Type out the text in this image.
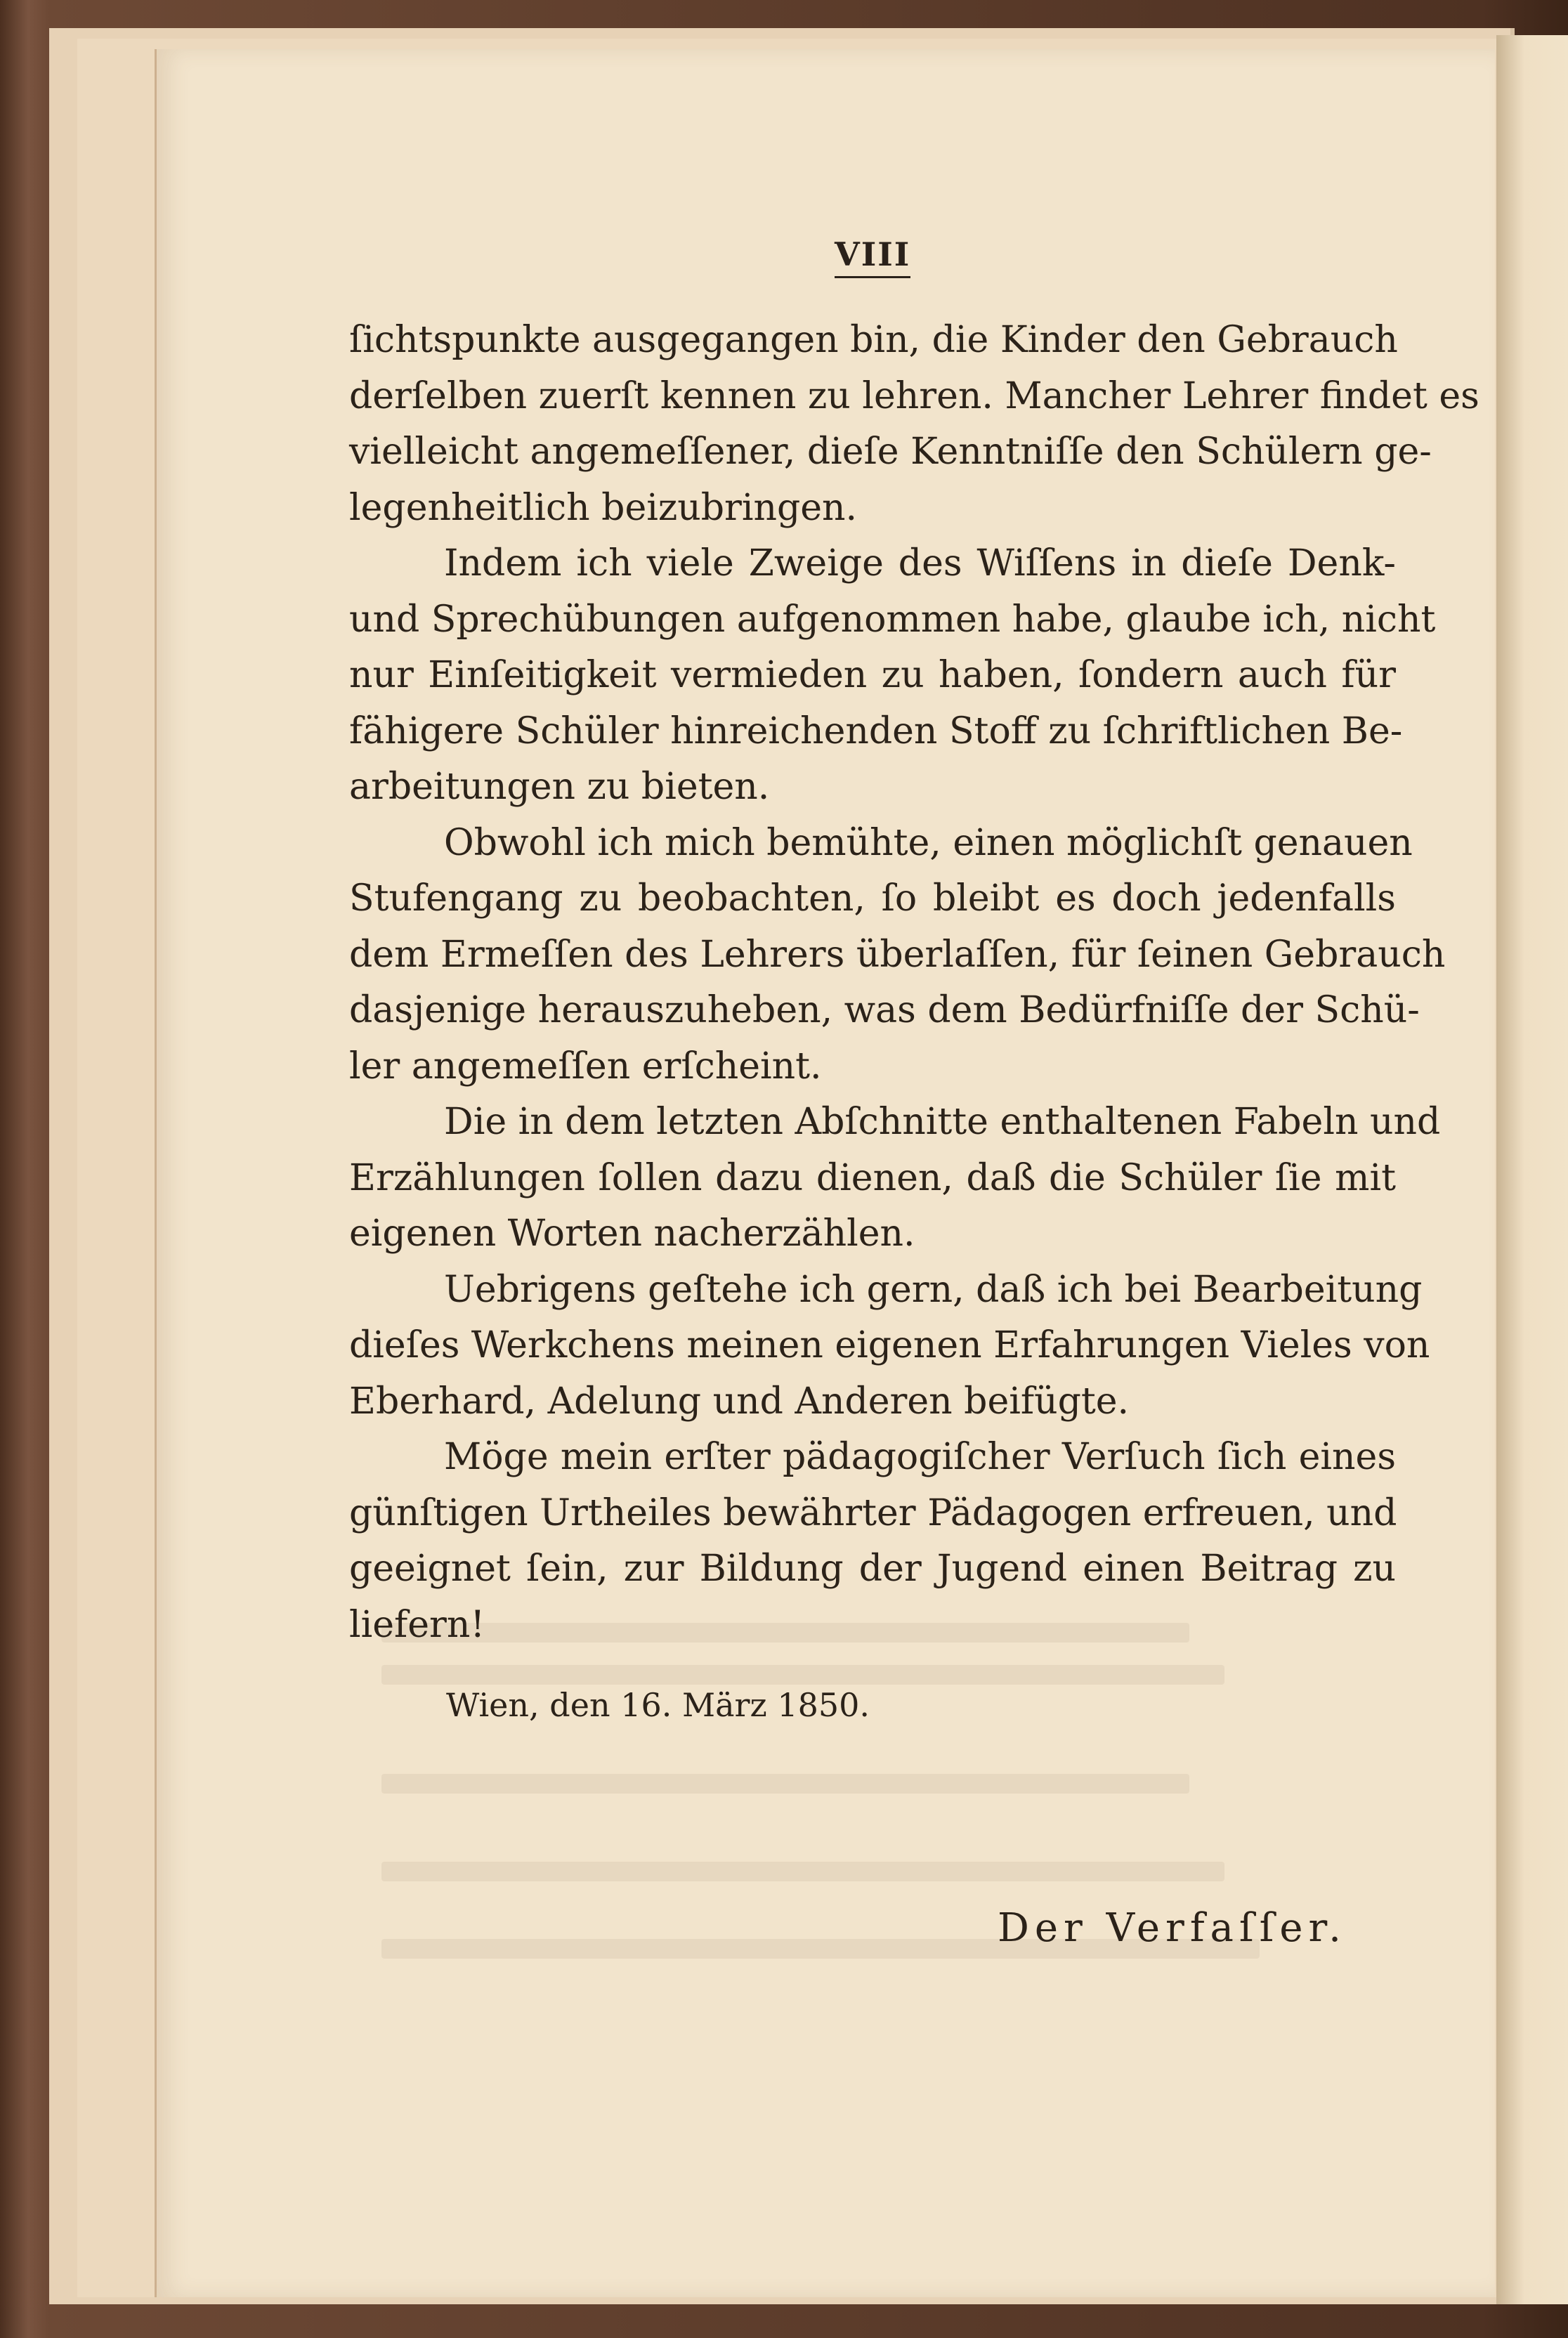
VIII
ſichtspunkte ausgegangen bin, die Kinder den Gebrauch
derſelben zuerſt kennen zu lehren. Mancher Lehrer findet es
vielleicht angemeſſener, dieſe Kenntniſſe den Schülern ge-
legenheitlich beizubringen.
Indem ich viele Zweige des Wiſſens in dieſe Denk-
und Sprechübungen aufgenommen habe, glaube ich, nicht
nur Einſeitigkeit vermieden zu haben, ſondern auch für
fähigere Schüler hinreichenden Stoff zu ſchriftlichen Be-
arbeitungen zu bieten.
Obwohl ich mich bemühte, einen möglichſt genauen
Stufengang zu beobachten, ſo bleibt es doch jedenfalls
dem Ermeſſen des Lehrers überlaſſen, für ſeinen Gebrauch
dasjenige herauszuheben, was dem Bedürfniſſe der Schü-
ler angemeſſen erſcheint.
Die in dem letzten Abſchnitte enthaltenen Fabeln und
Erzählungen ſollen dazu dienen, daß die Schüler ſie mit
eigenen Worten nacherzählen.
Uebrigens geſtehe ich gern, daß ich bei Bearbeitung
dieſes Werkchens meinen eigenen Erfahrungen Vieles von
Eberhard, Adelung und Anderen beifügte.
Möge mein erſter pädagogiſcher Verſuch ſich eines
günſtigen Urtheiles bewährter Pädagogen erfreuen, und
geeignet ſein, zur Bildung der Jugend einen Beitrag zu
liefern!
Wien, den 16. März 1850.
Der Verfaſſer.
